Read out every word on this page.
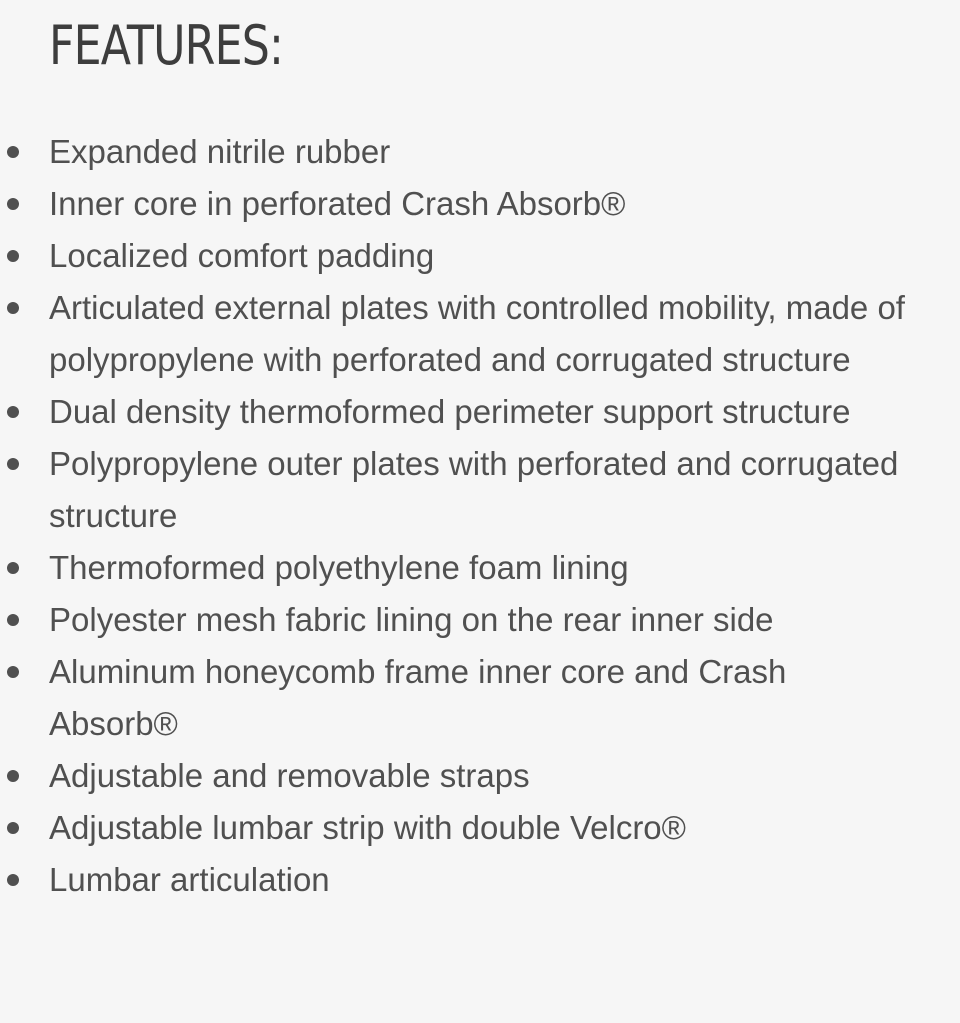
FEATURES:
Expanded nitrile rubber
Inner core in perforated Crash Absorb®
Localized comfort padding
Articulated external plates with controlled mobility, made of polypropylene with perforated and corrugated structure
Dual density thermoformed perimeter support structure
Polypropylene outer plates with perforated and corrugated structure
Thermoformed polyethylene foam lining
Polyester mesh fabric lining on the rear inner side
Aluminum honeycomb frame inner core and Crash Absorb®
Adjustable and removable straps
Adjustable lumbar strip with double Velcro®
Lumbar articulation
